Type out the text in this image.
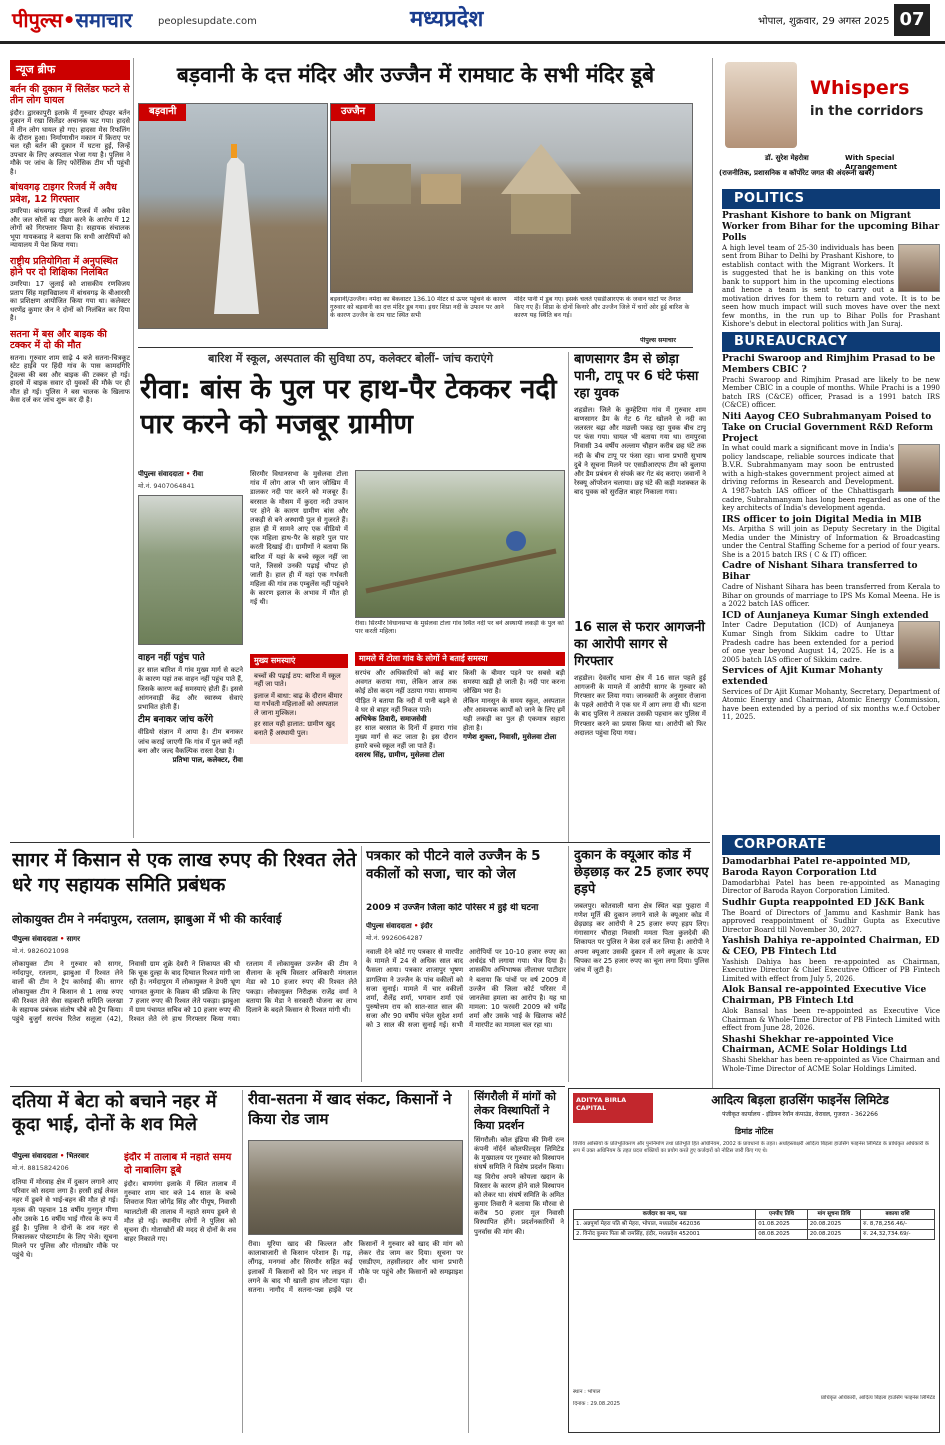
पीपुल्स•समाचार	peoplesupdate.com	मध्यप्रदेश	भोपाल, शुक्रवार, 29 अगस्त 2025 07
न्यूज ब्रीफ
बर्तन की दुकान में सिलेंडर फटने से तीन लोग घायल

इंदौर। द्वारकापुरी इलाके में गुरुवार दोपहर बर्तन दुकान में रखा सिलेंडर अचानक फट गया। हादसे में तीन लोग घायल हो गए। हादसा मेस रिफलिंग के दौरान हुआ। निर्माणाधीन मकान में किराए पर चल रही बर्तन की दुकान में घटना हुई, जिन्हें उपचार के लिए अस्पताल भेजा गया है। पुलिस ने मौके पर जांच के लिए फोरेंसिक टीम भी पहुंची है।

बांधवगढ़ टाइगर रिजर्व में अवैध प्रवेश, 12 गिरफ्तार

उमरिया। बांधवगढ़ टाइगर रिजर्व में अवैध प्रवेश और जल स्रोतों का पीछा करने के आरोप में 12 लोगों को गिरफ्तार किया है। सहायक संचालक भूपा गायकवाड़ ने बताया कि सभी आरोपियों को न्यायालय में पेश किया गया।

राष्ट्रीय प्रतियोगिता में अनुपस्थित होने पर दो शिक्षिका निलंबित

उमरिया। 17 जुलाई को शासकीय रणविजय प्रताप सिंह महाविद्यालय में बांधवगढ़ के बीआरसी का प्रशिक्षण आयोजित किया गया था। कलेक्टर धरणेंद्र कुमार जैन ने दोनों को निलंबित कर दिया है।

सतना में बस और बाइक की टक्कर में दो की मौत

सतना। गुरुवार शाम साढ़े 4 बजे सतना-चित्रकूट स्टेट हाईवे पर हिंदी गांव के पास कामदगिरि ट्रेवल्स की बस और बाइक की टक्कर हो गई। हादसे में बाइक सवार दो युवकों की मौके पर ही मौत हो गई। पुलिस ने बस चालक के खिलाफ केस दर्ज कर जांच शुरू कर दी है।

बड़वानी के दत्त मंदिर और उज्जैन में रामघाट के सभी मंदिर डूबे
बड़वानी	उज्जैन
बड़वानी/उज्जैन। नर्मदा का बैकवाटर 136.10 मीटर से ऊपर पहुंचने के कारण गुरुवार को बड़वानी का दत्त मंदिर डूब गया। इधर शिप्रा नदी के उफान पर आने के कारण उज्जैन के राम घाट स्थित सभी
मंदिर पानी में डूब गए। इसके चलते एसडीआरएफ के जवान घाटों पर तैनात किए गए हैं। शिप्रा के दोनों किनारे और उज्जैन जिले में चारों ओर हुई बारिश के कारण यह स्थिति बन गई।
पीपुल्स समाचार
Whispers
in the corridors
डॉ. सुरेश मेहरोत्रा	With Special Arrangement
(राजनीतिक, प्रशासनिक व कॉर्पोरेट जगत की अंदरूनी खबरें)
POLITICS
Prashant Kishore to bank on Migrant Worker from Bihar for the upcoming Bihar Polls
A high level team of 25-30 individuals has been sent from Bihar to Delhi by Prashant Kishore, to establish contact with the Migrant Workers. It is suggested that he is banking on this vote bank to support him in the upcoming elections and hence a team is sent to carry out a motivation drives for them to return and vote. It is to be seen how much impact will such moves have over the next few months, in the run up to Bihar Polls for Prashant Kishore's debut in electoral politics with Jan Suraj.
BUREAUCRACY
Prachi Swaroop and Rimjhim Prasad to be Members CBIC ?
Prachi Swaroop and Rimjhim Prasad are likely to be new Member CBIC in a couple of months. While Prachi is a 1990 batch IRS (C&CE) officer, Prasad is a 1991 batch IRS (C&CE) officer.
Niti Aayog CEO Subrahmanyam Poised to Take on Crucial Government R&D Reform Project
In what could mark a significant move in India's policy landscape, reliable sources indicate that B.V.R. Subrahmanyam may soon be entrusted with a high-stakes government project aimed at driving reforms in Research and Development. A 1987-batch IAS officer of the Chhattisgarh cadre, Subrahmanyam has long been regarded as one of the key architects of India's development agenda.
IRS officer to join Digital Media in MIB
Ms. Arpitha S will join as Deputy Secretary in the Digital Media under the Ministry of Information & Broadcasting under the Central Staffing Scheme for a period of four years. She is a 2015 batch IRS ( C & IT) officer.
Cadre of Nishant Sihara transferred to Bihar
Cadre of Nishant Sihara has been transferred from Kerala to Bihar on grounds of marriage to IPS Ms Komal Meena. He is a 2022 batch IAS officer.
ICD of Aunjaneya Kumar Singh extended
Inter Cadre Deputation (ICD) of Aunjaneya Kumar Singh from Sikkim cadre to Uttar Pradesh cadre has been extended for a period of one year beyond August 14, 2025. He is a 2005 batch IAS officer of Sikkim cadre.
Services of Ajit Kumar Mohanty extended
Services of Dr Ajit Kumar Mohanty, Secretary, Department of Atomic Energy and Chairman, Atomic Energy Commission, have been extended by a period of six months w.e.f October 11, 2025.
CORPORATE
Damodarbhai Patel re-appointed MD, Baroda Rayon Corporation Ltd
Damodarbhai Patel has been re-appointed as Managing Director of Baroda Rayon Corporation Limited.
Sudhir Gupta reappointed ED J&K Bank
The Board of Directors of Jammu and Kashmir Bank has approved reappointment of Sudhir Gupta as Executive Director Board till November 30, 2027.
Yashish Dahiya re-appointed Chairman, ED & CEO, PB Fintech Ltd
Yashish Dahiya has been re-appointed as Chairman, Executive Director & Chief Executive Officer of PB Fintech Limited with effect from July 5, 2026.
Alok Bansal re-appointed Executive Vice Chairman, PB Fintech Ltd
Alok Bansal has been re-appointed as Executive Vice Chairman & Whole-Time Director of PB Fintech Limited with effect from June 28, 2026.
Shashi Shekhar re-appointed Vice Chairman, ACME Solar Holdings Ltd
Shashi Shekhar has been re-appointed as Vice Chairman and Whole-Time Director of ACME Solar Holdings Limited.
बारिश में स्कूल, अस्पताल की सुविधा ठप, कलेक्टर बोलीं- जांच कराएंगे
रीवा: बांस के पुल पर हाथ-पैर टेककर नदी पार करने को मजबूर ग्रामीण
पीपुल्स संवाददाता • रीवा
मो.नं. 9407064841
सिरमौर विधानसभा के मुसेलवा टोला गांव में लोग आज भी जान जोखिम में डालकर नदी पार करने को मजबूर हैं। बरसात के मौसम में कुदरा नदी उफान पर होने के कारण ग्रामीण बांस और लकड़ी से बने अस्थायी पुल से गुजरते हैं। हाल ही में सामने आए एक वीडियो में एक महिला हाथ-पैर के सहारे पुल पार करती दिखाई दी। ग्रामीणों ने बताया कि बारिश में यहां के बच्चे स्कूल नहीं जा पाते, जिससे उनकी पढ़ाई चौपट हो जाती है। हाल ही में यहां एक गर्भवती महिला की गांव तक एम्बुलेंस नहीं पहुंचने के कारण इलाज के अभाव में मौत हो गई थी।
रीवा। सिरमौर विधानसभा के मुसेलवा टोला गांव स्थित नदी पर बने अस्थायी लकड़ी के पुल को पार करती महिला।
मुख्य समस्याएं
बच्चों की पढ़ाई ठप: बारिश में स्कूल नहीं जा पाते।
इलाज में बाधा: बाढ़ के दौरान बीमार या गर्भवती महिलाओं को अस्पताल ले जाना मुश्किल।
हर साल यही हालात: ग्रामीण खुद बनाते हैं अस्थायी पुल।
वाहन नहीं पहुंच पाते
हर साल बारिश में गांव मुख्य मार्ग से कटने के कारण यहां तक वाहन नहीं पहुंच पाते हैं, जिसके कारण कई समस्याएं होती हैं। इससे आंगनवाड़ी केंद्र और स्वास्थ्य सेवाएं प्रभावित होती हैं।
टीम बनाकर जांच करेंगे
वीडियो संज्ञान में आया है। टीम बनाकर जांच कराई जाएगी कि गांव में पुल क्यों नहीं बना और जल्द वैकल्पिक रास्ता देखा है।
प्रतिभा पाल, कलेक्टर, रीवा
मामले में टोला गांव के लोगों ने बताई समस्या
सरपंच और अधिकारियों को कई बार अवगत कराया गया, लेकिन आज तक कोई ठोस कदम नहीं उठाया गया। सामान्य पीड़ित ने बताया कि नदी में पानी बढ़ने से वे घर से बाहर नहीं निकल पाते।
अभिषेक तिवारी, समाजसेवी
हर साल बरसात के दिनों में हमारा गांव मुख्य मार्ग से कट जाता है। इस दौरान हमारे बच्चे स्कूल नहीं जा पाते हैं।
दसरथ सिंह, ग्रामीण, मुसेलवा टोला
किसी के बीमार पड़ने पर सबसे बड़ी समस्या खड़ी हो जाती है। नदी पार करना जोखिम भरा है।
लेकिन मानसून के समय स्कूल, अस्पताल और आवश्यक कार्यों को जाने के लिए हमें यही लकड़ी का पुल ही एकमात्र सहारा होता है।
गणेश शुक्ला, निवासी, मुसेलवा टोला
बाणसागर डैम से छोड़ा पानी, टापू पर 6 घंटे फंसा रहा युवक
शहडोल। जिले के कुम्हेटिया गांव में गुरुवार शाम बाणसागर डैम के गेट 6 गेट खोलने से नदी का जलस्तर बढ़ा और मछली पकड़ रहा युवक बीच टापू पर फंस गया। घायल भी बताया गया था। रामपुरवा निवासी 34 वर्षीय अल्लाम चौहान करीब छह घंटे तक नदी के बीच टापू पर फंसा रहा। थाना प्रभारी सुभाष दुबे ने सूचना मिलने पर एसडीआरएफ टीम को बुलाया और डैम प्रबंधन से संपर्क कर गेट बंद कराए। जवानों ने रेस्क्यू ऑपरेशन चलाया। छह घंटे की कड़ी मशक्कत के बाद युवक को सुरक्षित बाहर निकाला गया।
16 साल से फरार आगजनी का आरोपी सागर से गिरफ्तार
शहडोल। देवलोंद थाना क्षेत्र में 16 साल पहले हुई आगजनी के मामले में आरोपी सागर के गुरुवार को गिरफ्तार कर लिया गया। जानकारी के अनुसार रोजाना के पहले आरोपी ने एक घर में आग लगा दी थी। घटना के बाद पुलिस ने तत्काल उसकी पहचान कर पुलिस में गिरफ्तार करने का प्रयास किया था। आरोपी को फिर अदालत पहुंचा दिया गया।
सागर में किसान से एक लाख रुपए की रिश्वत लेते धरे गए सहायक समिति प्रबंधक
लोकायुक्त टीम ने नर्मदापुरम, रतलाम, झाबुआ में भी की कार्रवाई
पीपुल्स संवाददाता • सागर
मो.नं. 9826021098
लोकायुक्त टीम ने गुरुवार को सागर, नर्मदापुर, रतलाम, झाबुआ में रिश्वत लेने वालों की टीम ने ट्रैप कार्रवाई की। सागर लोकायुक्त टीम ने किसान से 1 लाख रुपए की रिश्वत लेते सेवा सहकारी समिति जलखा के सहायक प्रबंधक संतोष चौबे को ट्रैप किया। पहुंचे बुजुर्ग सरपंच रितेश सलूजा (42), निवासी ग्राम शुक्रे देवरी ने शिकायत की थी कि चूक दुल्हा के बाद दिग्वाल रिश्वत मांगी जा रही है। नर्मदापुरम में लोकायुक्त ने डेयरी भ्रूण भागवत कुमार के विक्रय की प्रक्रिया के लिए 7 हजार रुपए की रिश्वत लेते पकड़ा। झाबुआ में ग्राम पंचायत सचिव को 10 हजार रुपए की रिश्वत लेते रंगे हाथ गिरफ्तार किया गया। रतलाम में लोकायुक्त उज्जैन की टीम ने सैलाना के कृषि विस्तार अधिकारी मंगलाल मेडा को 10 हजार रुपए की रिश्वत लेते पकड़ा। लोकायुक्त निरीक्षक राजेंद्र वर्मा ने बताया कि मेडा ने सरकारी योजना का लाभ दिलाने के बदले किसान से रिश्वत मांगी थी।
पत्रकार को पीटने वाले उज्जैन के 5 वकीलों को सजा, चार को जेल
2009 में उज्जैन जिला कोर्ट परिसर में हुई थी घटना
पीपुल्स संवाददाता • इंदौर
मो.नं. 9926064287
नवाली देने कोर्ट गए पत्रकार से मारपीट के मामले में 24 से अधिक साल बाद फैसला आया। पत्रकार शाजापुर भूषण डागलिया ने उज्जैन के पांच वकीलों को सजा सुनाई। मामले में चार वकीलों शर्मा, शैलेंद्र शर्मा, भगवान शर्मा एवं पुरुषोत्तम राय को सात-सात साल की सजा और 90 वर्षीय चंपेल सुदेश शर्मा को 3 साल की सजा सुनाई गई। सभी आरोपियों पर 10-10 हजार रुपए का अर्थदंड भी लगाया गया। भेज दिया है। शासकीय अभिभाषक लीलाधर पाटीदार ने बताया कि पांचों पर वर्ष 2009 में उज्जैन की जिला कोर्ट परिसर में जानलेवा हमला का आरोप है। यह था मामला: 10 फरवरी 2009 को धर्मेंद्र शर्मा और उसके भाई के खिलाफ कोर्ट में मारपीट का मामला चल रहा था।
दुकान के क्यूआर कोड में छेड़छाड़ कर 25 हजार रुपए हड़पे
जबलपुर। कोतवाली थाना क्षेत्र स्थित बड़ा फुहारा में गणेश मूर्ति की दुकान लगाने वाले के क्यूआर कोड में छेड़छाड़ कर आरोपी ने 25 हजार रुपए हड़प लिए। गंगासागर चौराहा निवासी ममता पिता कुलदेवी की शिकायत पर पुलिस ने केस दर्ज कर लिया है। आरोपी ने अपना क्यूआर उसकी दुकान में लगे क्यूआर के ऊपर चिपका कर 25 हजार रुपए का चूना लगा दिया। पुलिस जांच में जुटी है।
दतिया में बेटा को बचाने नहर में कूदा भाई, दोनों के शव मिले
पीपुल्स संवाददाता • भितरवार
मो.नं. 8815824206
दतिया में मोरवाह क्षेत्र में दुकान लगाने आए परिवार को सदमा लगा है। हरसी हाई लेवल नहर में डूबने से भाई-बहन की मौत हो गई। मृतक की पहचान 18 वर्षीय गुनगुन मीणा और उसके 16 वर्षीय भाई गौरव के रूप में हुई है। पुलिस ने दोनों के शव नहर से निकालकर पोस्टमार्टम के लिए भेजे। सूचना मिलने पर पुलिस और गोताखोर मौके पर पहुंचे थे।
इंदौर में तालाब में नहाते समय दो नाबालिग डूबे
इंदौर। बाणगंगा इलाके में स्थित तालाब में गुरुवार शाम चार बजे 14 साल के बच्चे शिवराज पिता जोगेंद्र सिंह और पीयूष, निवासी ग्वालटोली की तालाब में नहाते समय डूबने से मौत हो गई। स्थानीय लोगों ने पुलिस को सूचना दी। गोताखोरों की मदद से दोनों के शव बाहर निकाले गए।
रीवा-सतना में खाद संकट, किसानों ने किया रोड जाम
रीवा। यूरिया खाद की किल्लत और कालाबाजारी से किसान परेशान हैं। गढ़, लौंगढ़, मनगवां और सिरमौर सहित कई इलाकों में किसानों को दिन भर लाइन में लगने के बाद भी खाली हाथ लौटना पड़ा। सतना। नागौद में सतना-पन्ना हाईवे पर किसानों ने गुरुवार को खाद की मांग को लेकर रोड जाम कर दिया। सूचना पर एसडीएम, तहसीलदार और थाना प्रभारी मौके पर पहुंचे और किसानों को समझाइश दी।
सिंगरौली में मांगों को लेकर विस्थापितों ने किया प्रदर्शन
सिंगरौली। कोल इंडिया की मिनी रत्न कंपनी नॉर्दर्न कोलफील्ड्स लिमिटेड के मुख्यालय पर गुरुवार को विस्थापन संघर्ष समिति ने विशेष प्रदर्शन किया। यह विरोध अपने कोयला खदान के विस्तार के कारण होने वाले विस्थापन को लेकर था। संघर्ष समिति के अमित कुमार तिवारी ने बताया कि मौरवा से करीब 50 हजार मूल निवासी विस्थापित होंगे। प्रदर्शनकारियों ने पुनर्वास की मांग की।
ADITYA BIRLA CAPITAL
आदित्य बिड़ला हाउसिंग फाइनेंस लिमिटेड
पंजीकृत कार्यालय - इंडियन रेयॉन कंपाउंड, वेरावल, गुजरात - 362266
डिमांड नोटिस
वित्तीय आस्तियों के प्रतिभूतिकरण और पुनर्निर्माण तथा प्रतिभूति हित अधिनियम, 2002 के प्रावधानों के तहत। अधोहस्ताक्षरी आदित्य बिड़ला हाउसिंग फाइनेंस लिमिटेड के प्राधिकृत अधिकारी के रूप में उक्त अधिनियम के तहत प्रदत्त शक्तियों का प्रयोग करते हुए कर्जदारों को नोटिस जारी किए गए थे।
कर्जदार का नाम, पता	एनपीए तिथि	मांग सूचना तिथि	बकाया राशि
1. अन्नपूर्णा मेहरा पति श्री मेहरा, भोपाल, मध्यप्रदेश 462036	01.08.2025	20.08.2025	रु. 8,78,256.46/-
2. विनोद कुमार पिता श्री रामसिंह, इंदौर, मध्यप्रदेश 452001	08.08.2025	20.08.2025	रु. 24,32,734.69/-
स्थान : भोपाल
दिनांक : 29.08.2025
प्राधिकृत अधिकारी, आदित्य बिड़ला हाउसिंग फाइनेंस लिमिटेड
